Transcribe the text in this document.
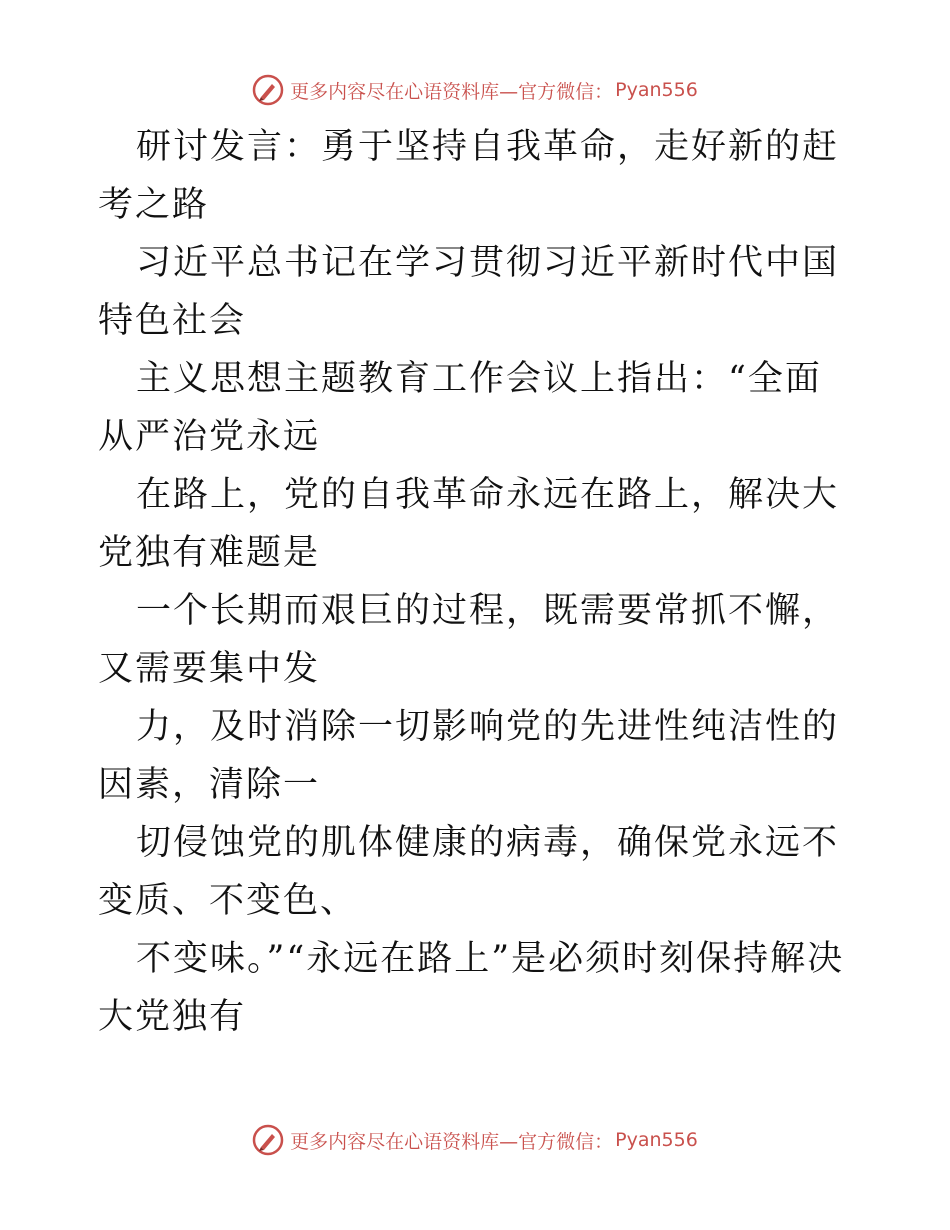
更多内容尽在心语资料库—官方微信： Pyan556

研讨发言：勇于坚持自我革命，走好新的赶考之路

习近平总书记在学习贯彻习近平新时代中国特色社会

主义思想主题教育工作会议上指出：“全面从严治党永远

在路上，党的自我革命永远在路上，解决大党独有难题是

一个长期而艰巨的过程，既需要常抓不懈，又需要集中发

力，及时消除一切影响党的先进性纯洁性的因素，清除一

切侵蚀党的肌体健康的病毒，确保党永远不变质、不变色、

不变味。”“永远在路上”是必须时刻保持解决大党独有

更多内容尽在心语资料库—官方微信： Pyan556
